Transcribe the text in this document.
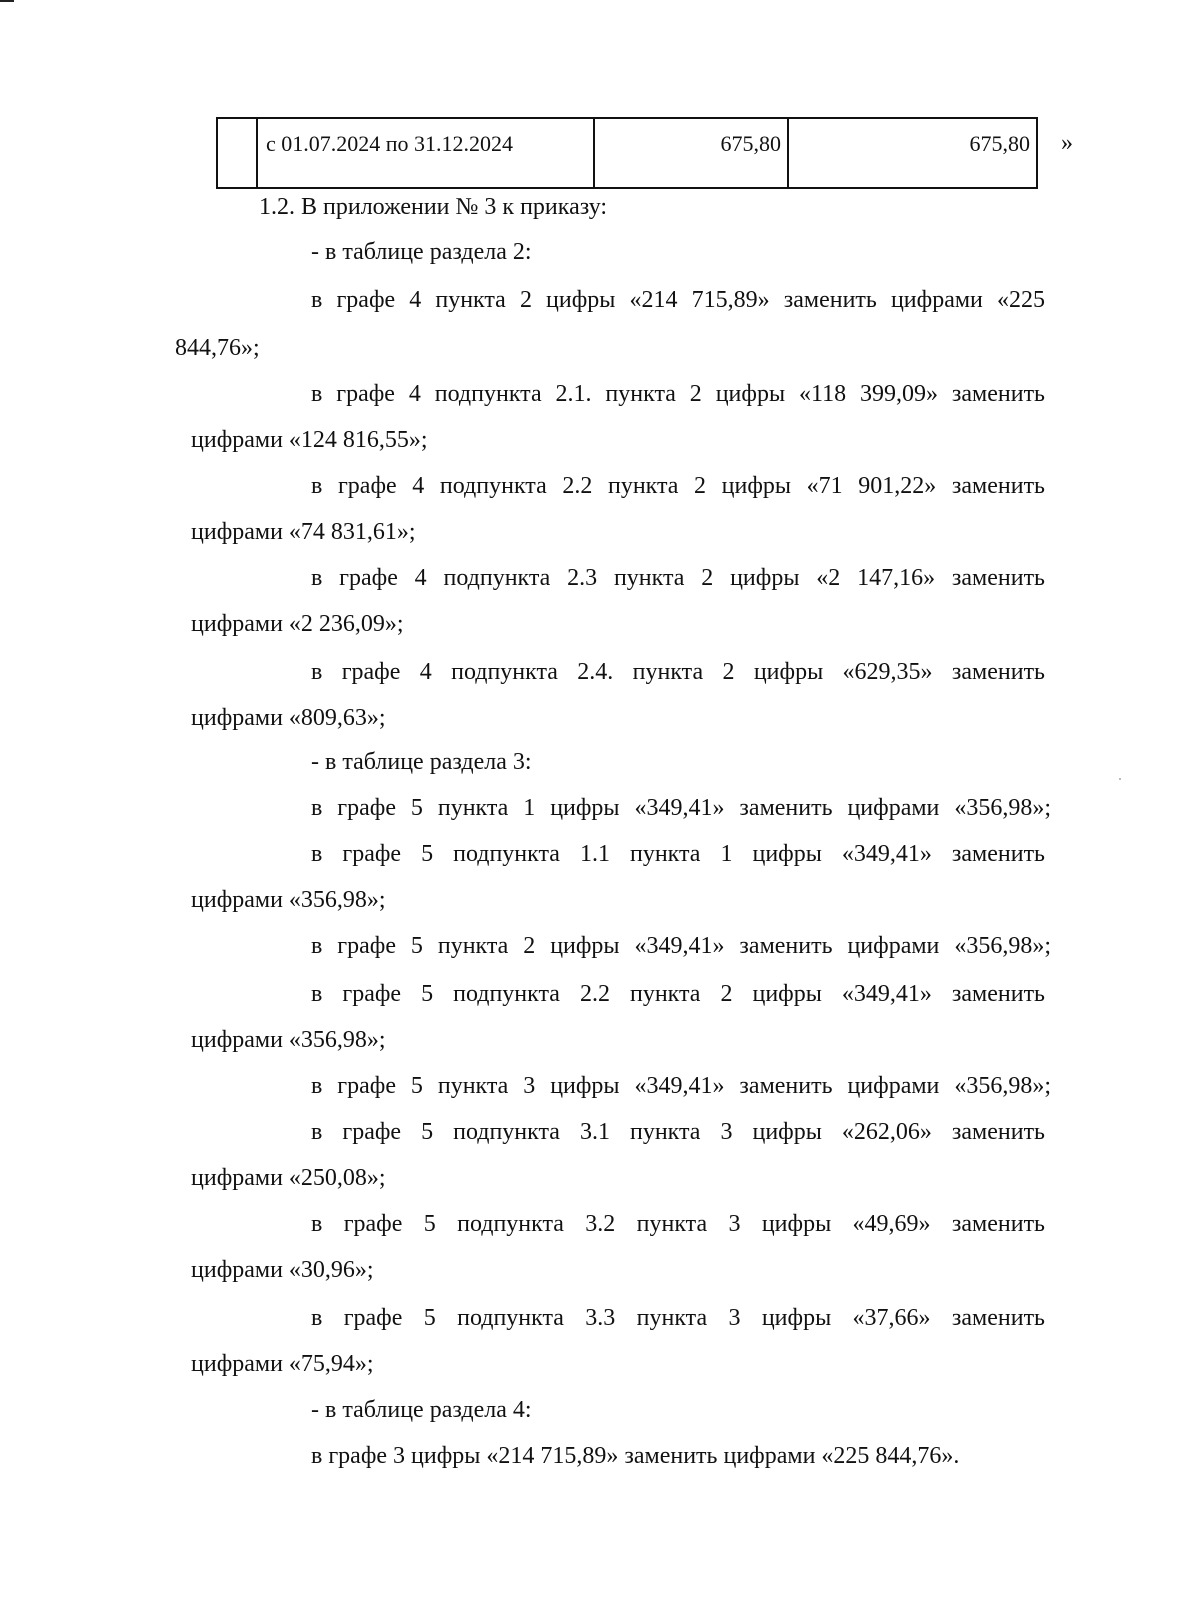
с 01.07.2024 по 31.12.2024	675,80	675,80 »
1.2. В приложении № 3 к приказу:
- в таблице раздела 2:
в графе 4 пункта 2 цифры «214 715,89» заменить цифрами «225
844,76»;
в графе 4 подпункта 2.1. пункта 2 цифры «118 399,09» заменить
цифрами «124 816,55»;
в графе 4 подпункта 2.2 пункта 2 цифры «71 901,22» заменить
цифрами «74 831,61»;
в графе 4 подпункта 2.3 пункта 2 цифры «2 147,16» заменить
цифрами «2 236,09»;
в графе 4 подпункта 2.4. пункта 2 цифры «629,35» заменить
цифрами «809,63»;
- в таблице раздела 3:
в графе 5 пункта 1 цифры «349,41» заменить цифрами «356,98»;
в графе 5 подпункта 1.1 пункта 1 цифры «349,41» заменить
цифрами «356,98»;
в графе 5 пункта 2 цифры «349,41» заменить цифрами «356,98»;
в графе 5 подпункта 2.2 пункта 2 цифры «349,41» заменить
цифрами «356,98»;
в графе 5 пункта 3 цифры «349,41» заменить цифрами «356,98»;
в графе 5 подпункта 3.1 пункта 3 цифры «262,06» заменить
цифрами «250,08»;
в графе 5 подпункта 3.2 пункта 3 цифры «49,69» заменить
цифрами «30,96»;
в графе 5 подпункта 3.3 пункта 3 цифры «37,66» заменить
цифрами «75,94»;
- в таблице раздела 4:
в графе 3 цифры «214 715,89» заменить цифрами «225 844,76».
